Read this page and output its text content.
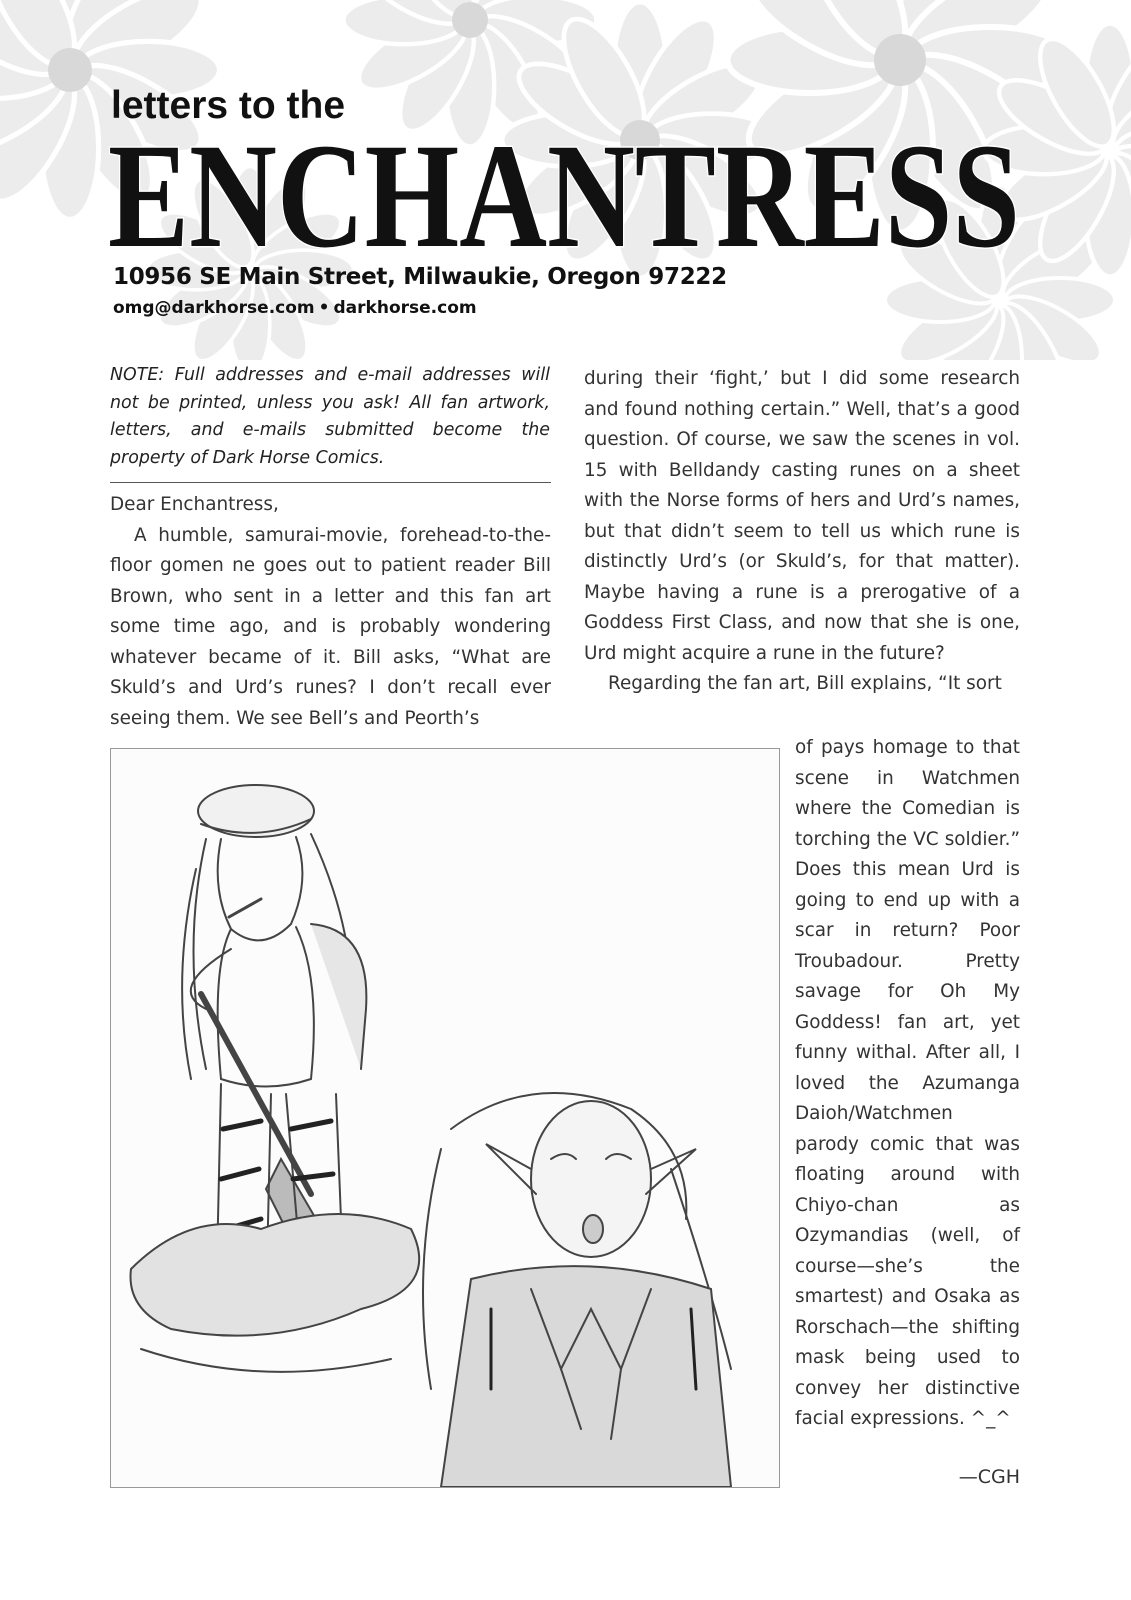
letters to the

ENCHANTRESS

10956 SE Main Street, Milwaukie, Oregon 97222

omg@darkhorse.com • darkhorse.com

NOTE: Full addresses and e-mail addresses will not be printed, unless you ask! All fan artwork, letters, and e-mails submitted become the property of Dark Horse Comics.

Dear Enchantress,

A humble, samurai-movie, forehead-to-the-floor gomen ne goes out to patient reader Bill Brown, who sent in a letter and this fan art some time ago, and is probably wondering whatever became of it. Bill asks, “What are Skuld’s and Urd’s runes? I don’t recall ever seeing them. We see Bell’s and Peorth’s

during their ‘fight,’ but I did some research and found nothing certain.” Well, that’s a good question. Of course, we saw the scenes in vol. 15 with Belldandy casting runes on a sheet with the Norse forms of hers and Urd’s names, but that didn’t seem to tell us which rune is distinctly Urd’s (or Skuld’s, for that matter). Maybe having a rune is a prerogative of a Goddess First Class, and now that she is one, Urd might acquire a rune in the future?

Regarding the fan art, Bill explains, “It sort

of pays homage to that scene in Watchmen where the Comedian is torching the VC soldier.” Does this mean Urd is going to end up with a scar in return? Poor Troubadour. Pretty savage for Oh My Goddess! fan art, yet funny withal. After all, I loved the Azumanga Daioh/Watchmen parody comic that was floating around with Chiyo-chan as Ozymandias (well, of course—she’s the smartest) and Osaka as Rorschach—the shifting mask being used to convey her distinctive facial expressions. ^_^

—CGH
